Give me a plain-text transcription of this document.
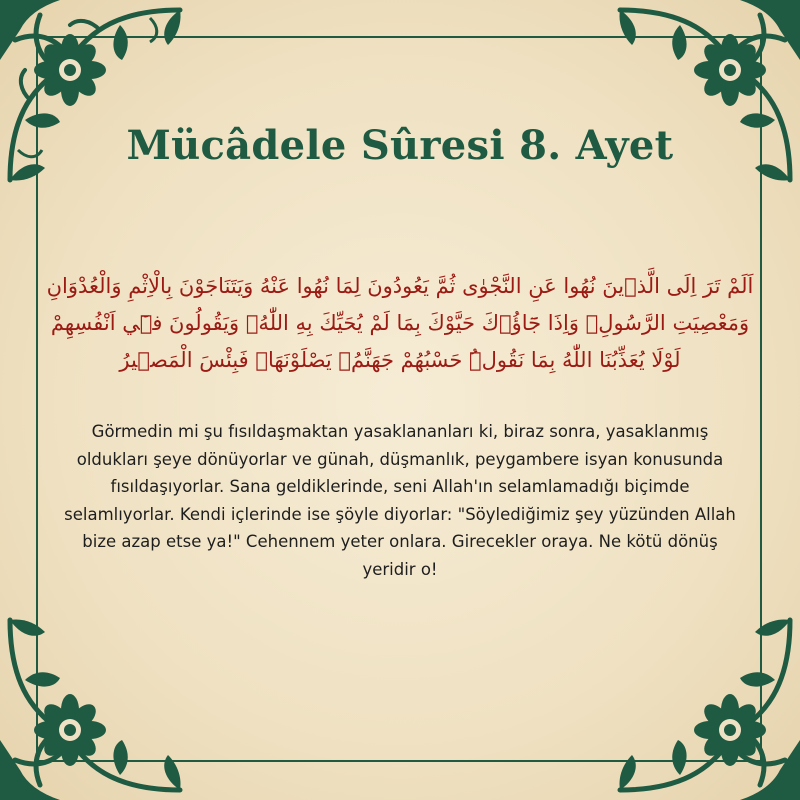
Mücâdele Sûresi 8. Ayet
اَلَمْ تَرَ اِلَى الَّذ۪ينَ نُهُوا عَنِ النَّجْوٰى ثُمَّ يَعُودُونَ لِمَا نُهُوا عَنْهُ وَيَتَنَاجَوْنَ بِالْاِثْمِ وَالْعُدْوَانِ وَمَعْصِيَتِ الرَّسُولِۘ وَاِذَا جَٓاؤُ۫كَ حَيَّوْكَ بِمَا لَمْ يُحَيِّكَ بِهِ اللّٰهُۙ وَيَقُولُونَ ف۪ٓي اَنْفُسِهِمْ لَوْلَا يُعَذِّبُنَا اللّٰهُ بِمَا نَقُولُۜ حَسْبُهُمْ جَهَنَّمُۚ يَصْلَوْنَهَاۚ فَبِئْسَ الْمَص۪يرُ
Görmedin mi şu fısıldaşmaktan yasaklananları ki, biraz sonra, yasaklanmış oldukları şeye dönüyorlar ve günah, düşmanlık, peygambere isyan konusunda fısıldaşıyorlar. Sana geldiklerinde, seni Allah'ın selamlamadığı biçimde selamlıyorlar. Kendi içlerinde ise şöyle diyorlar: "Söylediğimiz şey yüzünden Allah bize azap etse ya!" Cehennem yeter onlara. Girecekler oraya. Ne kötü dönüş yeridir o!
